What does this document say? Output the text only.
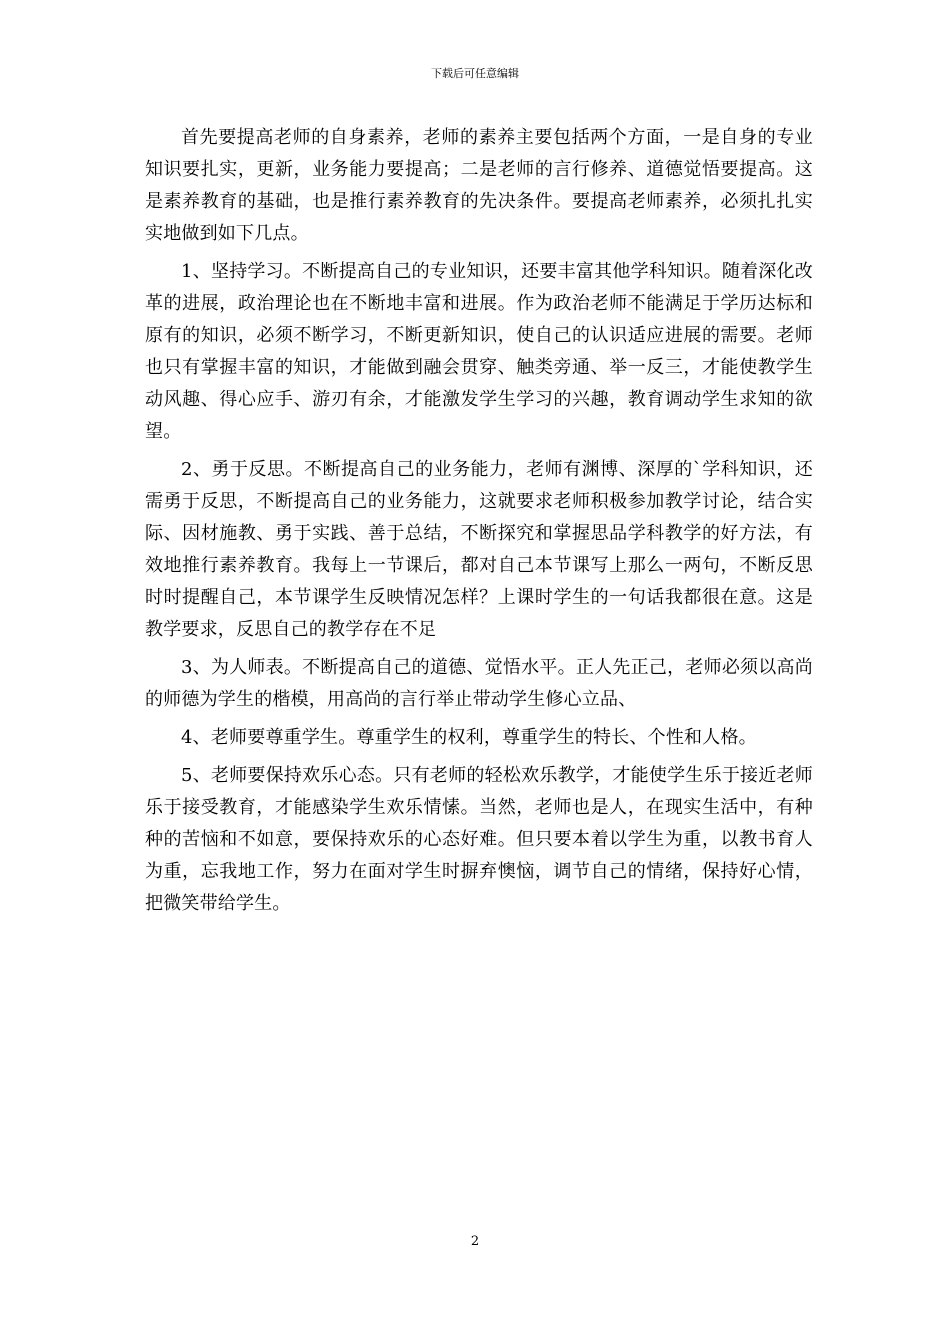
下载后可任意编辑

首先要提高老师的自身素养，老师的素养主要包括两个方面，一是自身的专业知识要扎实，更新，业务能力要提高；二是老师的言行修养、道德觉悟要提高。这是素养教育的基础，也是推行素养教育的先决条件。要提高老师素养，必须扎扎实实地做到如下几点。

1、坚持学习。不断提高自己的专业知识，还要丰富其他学科知识。随着深化改革的进展，政治理论也在不断地丰富和进展。作为政治老师不能满足于学历达标和原有的知识，必须不断学习，不断更新知识，使自己的认识适应进展的需要。老师也只有掌握丰富的知识，才能做到融会贯穿、触类旁通、举一反三，才能使教学生动风趣、得心应手、游刃有余，才能激发学生学习的兴趣，教育调动学生求知的欲望。

2、勇于反思。不断提高自己的业务能力，老师有渊博、深厚的`学科知识，还需勇于反思，不断提高自己的业务能力，这就要求老师积极参加教学讨论，结合实际、因材施教、勇于实践、善于总结，不断探究和掌握思品学科教学的好方法，有效地推行素养教育。我每上一节课后，都对自己本节课写上那么一两句，不断反思时时提醒自己，本节课学生反映情况怎样？上课时学生的一句话我都很在意。这是教学要求，反思自己的教学存在不足

3、为人师表。不断提高自己的道德、觉悟水平。正人先正己，老师必须以高尚的师德为学生的楷模，用高尚的言行举止带动学生修心立品、

4、老师要尊重学生。尊重学生的权利，尊重学生的特长、个性和人格。

5、老师要保持欢乐心态。只有老师的轻松欢乐教学，才能使学生乐于接近老师乐于接受教育，才能感染学生欢乐情愫。当然，老师也是人，在现实生活中，有种种的苦恼和不如意，要保持欢乐的心态好难。但只要本着以学生为重，以教书育人为重，忘我地工作，努力在面对学生时摒弃懊恼，调节自己的情绪，保持好心情，把微笑带给学生。

2
